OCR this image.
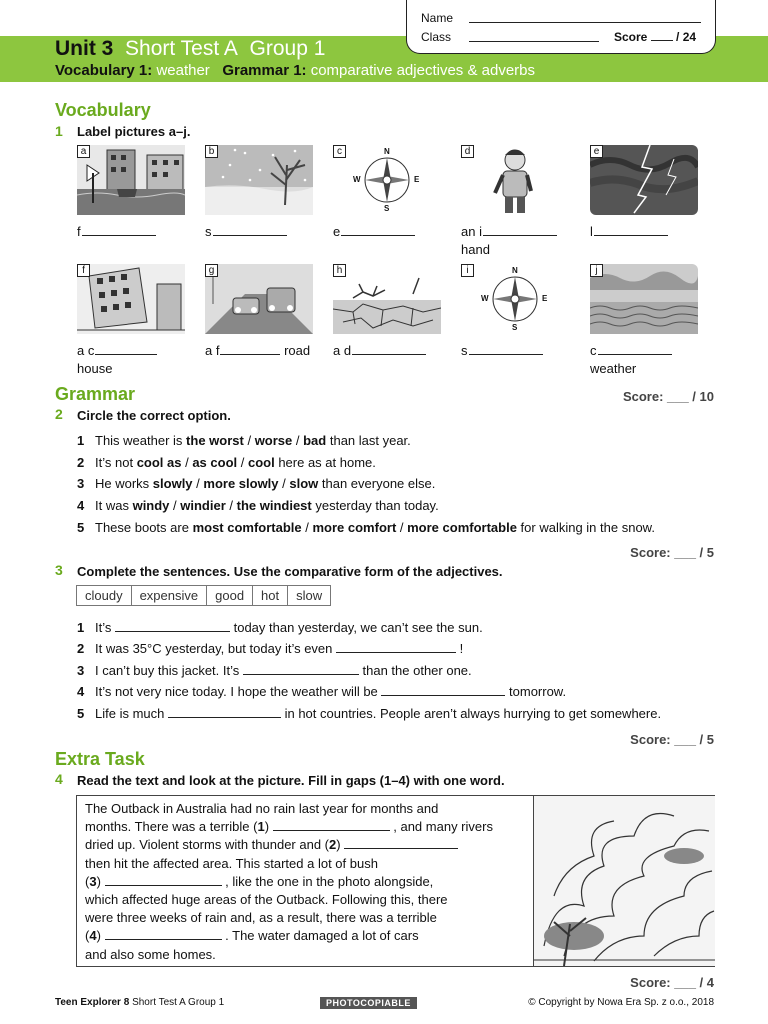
Name
Class	Score / 24
Unit 3 Short Test A Group 1
Vocabulary 1: weather Grammar 1: comparative adjectives & adverbs
Vocabulary
1 Label pictures a–j.
a	b	c	N
S
E
W
d	e
f	s	e	an i
hand
l
f	g	h	i	N
S
E
W
j
a c
house
a f	road a d	s	c
weather
Grammar	Score: ___ / 10
2 Circle the correct option.
1 This weather is the worst / worse / bad than last year.
2 It’s not cool as / as cool / cool here as at home.
3 He works slowly / more slowly / slow than everyone else.
4 It was windy / windier / the windiest yesterday than today.
5 These boots are most comfortable / more comfort / more comfortable for walking in the snow.
Score: ___ / 5
3 Complete the sentences. Use the comparative form of the adjectives.
cloudy	expensive	good	hot	slow
1 It’s	today than yesterday, we can’t see the sun.
2 It was 35°C yesterday, but today it’s even	!
3 I can’t buy this jacket. It’s	than the other one.
4 It’s not very nice today. I hope the weather will be	tomorrow.
5 Life is much	in hot countries. People aren’t always hurrying to get somewhere.
Score: ___ / 5
Extra Task
4 Read the text and look at the picture. Fill in gaps (1–4) with one word.
The Outback in Australia had no rain last year for months and
months. There was a terrible (1)	, and many rivers
dried up. Violent storms with thunder and (2)
then hit the affected area. This started a lot of bush
(3)	, like the one in the photo alongside,
which affected huge areas of the Outback. Following this, there
were three weeks of rain and, as a result, there was a terrible
(4)	. The water damaged a lot of cars
and also some homes.
Score: ___ / 4
Teen Explorer 8 Short Test A Group 1	PHOTOCOPIABLE	© Copyright by Nowa Era Sp. z o.o., 2018
